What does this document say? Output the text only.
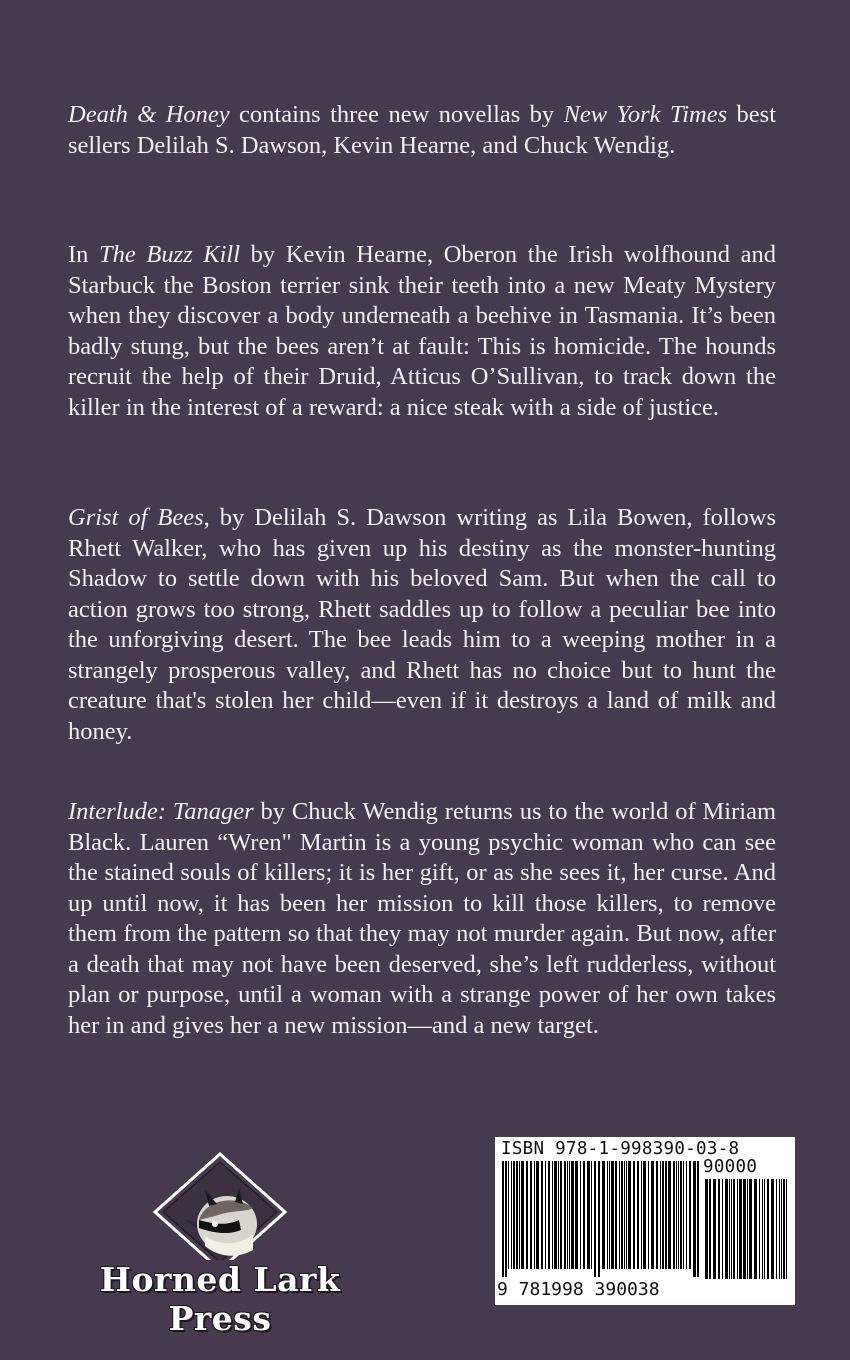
Death & Honey contains three new novellas by New York Times best sellers Delilah S. Dawson, Kevin Hearne, and Chuck Wendig.

In The Buzz Kill by Kevin Hearne, Oberon the Irish wolfhound and Starbuck the Boston terrier sink their teeth into a new Meaty Mystery when they discover a body underneath a beehive in Tasmania. It’s been badly stung, but the bees aren’t at fault: This is homicide. The hounds recruit the help of their Druid, Atticus O’Sullivan, to track down the killer in the interest of a reward: a nice steak with a side of justice.

Grist of Bees, by Delilah S. Dawson writing as Lila Bowen, follows Rhett Walker, who has given up his destiny as the monster-hunting Shadow to settle down with his beloved Sam. But when the call to action grows too strong, Rhett saddles up to follow a peculiar bee into the unforgiving desert. The bee leads him to a weeping mother in a strangely prosperous valley, and Rhett has no choice but to hunt the creature that's stolen her child—even if it destroys a land of milk and honey.

Interlude: Tanager by Chuck Wendig returns us to the world of Miriam Black. Lauren “Wren" Martin is a young psychic woman who can see the stained souls of killers; it is her gift, or as she sees it, her curse. And up until now, it has been her mission to kill those killers, to remove them from the pattern so that they may not murder again. But now, after a death that may not have been deserved, she’s left rudderless, without plan or purpose, until a woman with a strange power of her own takes her in and gives her a new mission—and a new target.

Horned Lark Press
ISBN 978-1-998390-03-8
90000
9 781998 390038
